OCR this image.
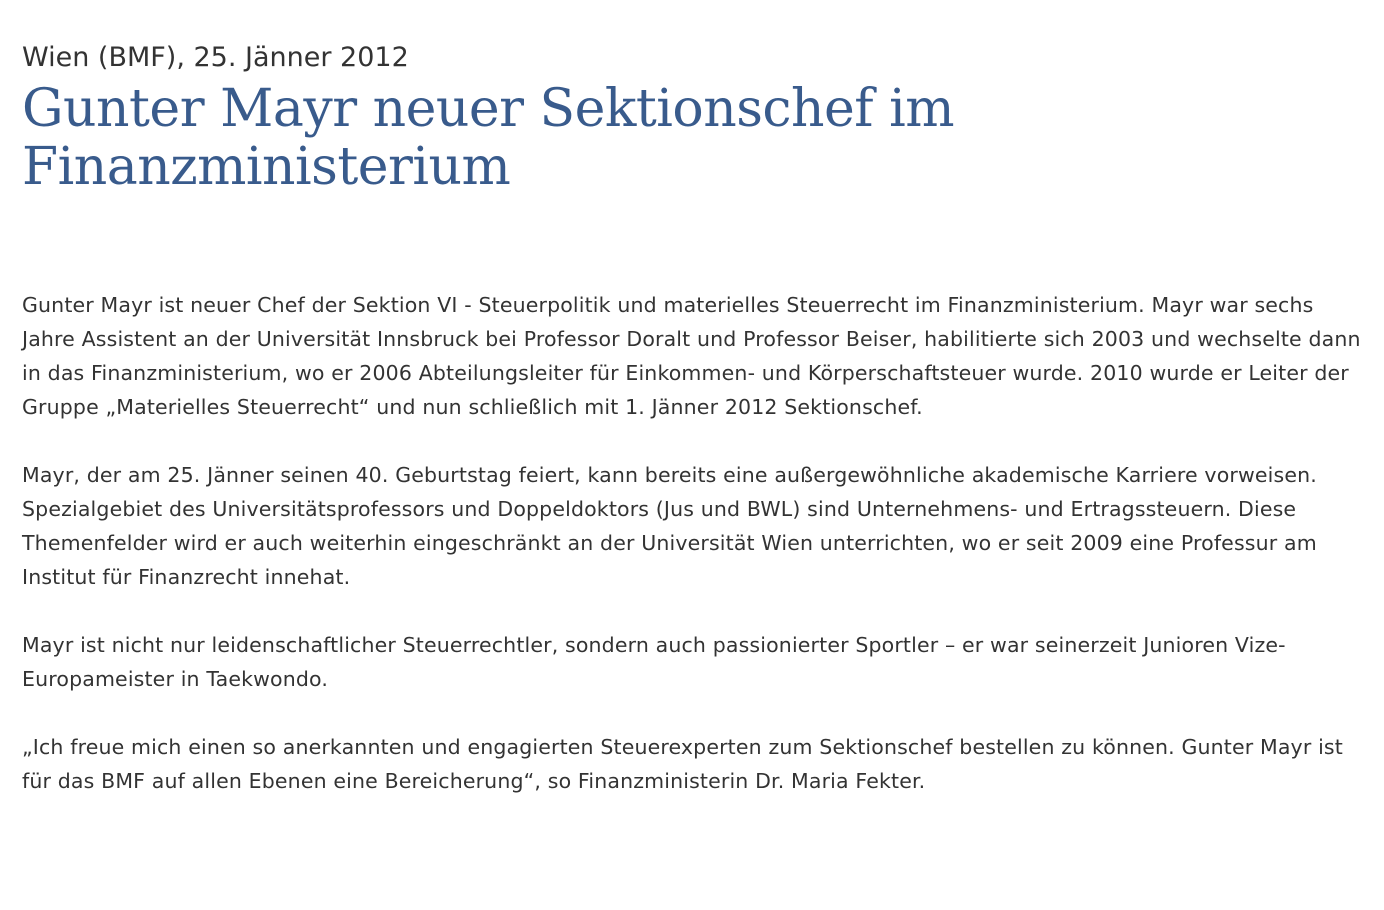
Wien (BMF), 25. Jänner 2012

Gunter Mayr neuer Sektionschef im
Finanzministerium

Gunter Mayr ist neuer Chef der Sektion VI - Steuerpolitik und materielles Steuerrecht im Finanzministerium. Mayr war sechs Jahre Assistent an der Universität Innsbruck bei Professor Doralt und Professor Beiser, habilitierte sich 2003 und wechselte dann in das Finanzministerium, wo er 2006 Abteilungsleiter für Einkommen- und Körperschaftsteuer wurde. 2010 wurde er Leiter der Gruppe „Materielles Steuerrecht“ und nun schließlich mit 1. Jänner 2012 Sektionschef.

Mayr, der am 25. Jänner seinen 40. Geburtstag feiert, kann bereits eine außergewöhnliche akademische Karriere vorweisen. Spezialgebiet des Universitätsprofessors und Doppeldoktors (Jus und BWL) sind Unternehmens- und Ertragssteuern. Diese Themenfelder wird er auch weiterhin eingeschränkt an der Universität Wien unterrichten, wo er seit 2009 eine Professur am Institut für Finanzrecht innehat.

Mayr ist nicht nur leidenschaftlicher Steuerrechtler, sondern auch passionierter Sportler – er war seinerzeit Junioren Vize-Europameister in Taekwondo.

„Ich freue mich einen so anerkannten und engagierten Steuerexperten zum Sektionschef bestellen zu können. Gunter Mayr ist für das BMF auf allen Ebenen eine Bereicherung“, so Finanzministerin Dr. Maria Fekter.
